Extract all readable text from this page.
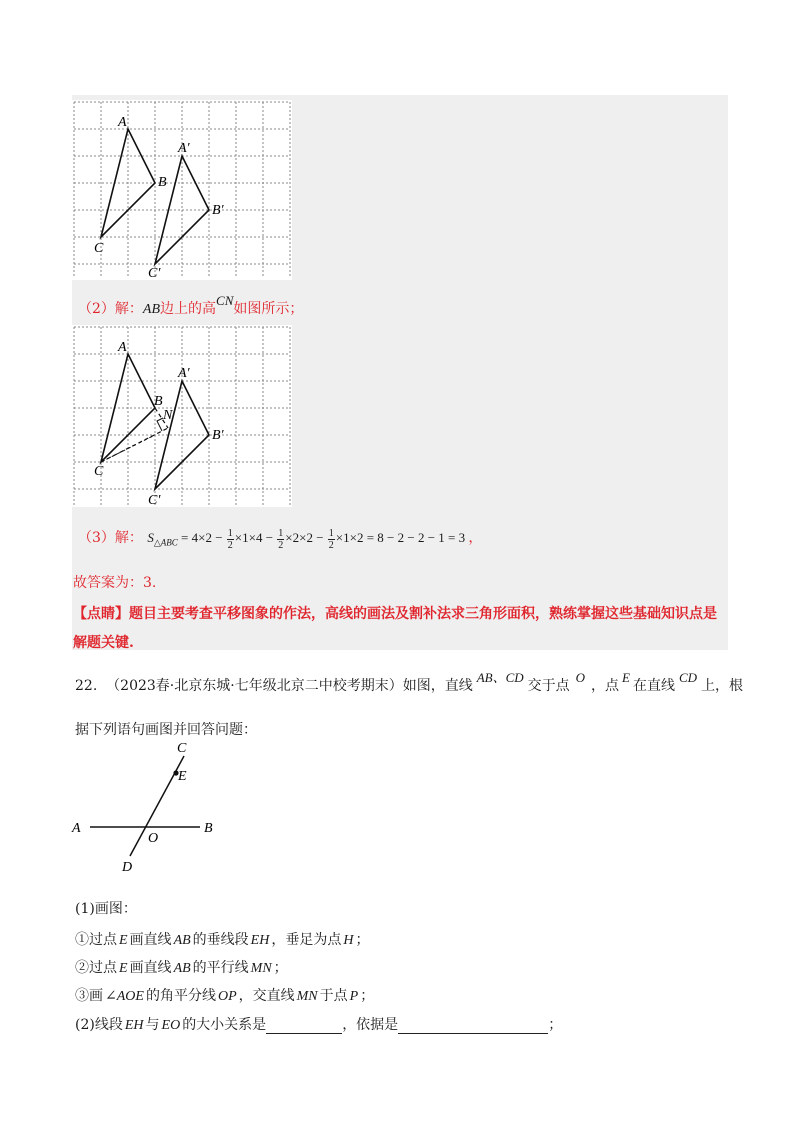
A
B
C
A′
B′
C′
（2）解：AB边上的高CN如图所示；
A
B
N
C
A′
B′
C′
（3）解： $S_{\triangle ABC} = 4\times 2 - \frac{1}{2} \times 1\times 4 - \frac{1}{2} \times 2\times 2 - \frac{1}{2} \times 1\times 2 = 8 - 2 - 2 - 1 = 3$ ，
故答案为：3.
【点睛】题目主要考查平移图象的作法，高线的画法及割补法求三角形面积，熟练掌握这些基础知识点是
解题关键.
22. （2023春·北京东城·七年级北京二中校考期末）如图，直线AB、CD交于点O，点E在直线CD上，根
据下列语句画图并回答问题：
A	B
C
D
E
O
(1)画图：
①过点 E 画直线 AB 的垂线段 EH ，垂足为点 H ；
②过点 E 画直线 AB 的平行线 MN ；
③画 ∠AOE 的角平分线 OP ，交直线 MN 于点 P ；
(2)线段 EH 与 EO 的大小关系是	，依据是	；
